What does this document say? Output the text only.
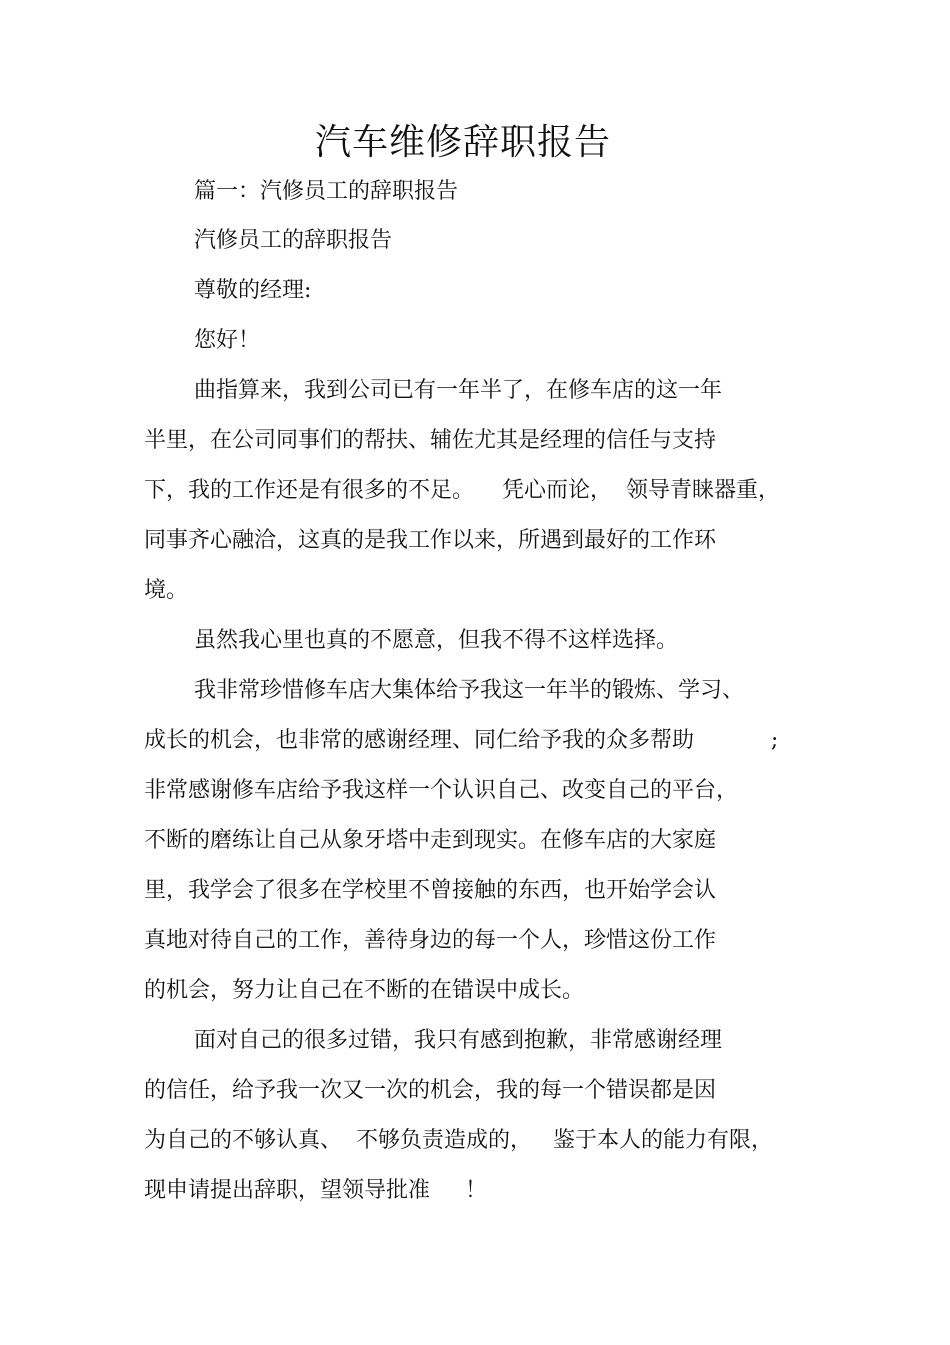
汽车维修辞职报告

篇一：汽修员工的辞职报告

汽修员工的辞职报告

尊敬的经理:

您好！

曲指算来，我到公司已有一年半了，在修车店的这一年

半里，在公司同事们的帮扶、辅佐尤其是经理的信任与支持

下，我的工作还是有很多的不足。    凭心而论，  领导青睐器重，

同事齐心融洽，这真的是我工作以来，所遇到最好的工作环

境。

虽然我心里也真的不愿意，但我不得不这样选择。

我非常珍惜修车店大集体给予我这一年半的锻炼、学习、

成长的机会，也非常的感谢经理、同仁给予我的众多帮助           ;

非常感谢修车店给予我这样一个认识自己、改变自己的平台，

不断的磨练让自己从象牙塔中走到现实。在修车店的大家庭

里，我学会了很多在学校里不曾接触的东西，也开始学会认

真地对待自己的工作，善待身边的每一个人，珍惜这份工作

的机会，努力让自己在不断的在错误中成长。

面对自己的很多过错，我只有感到抱歉，非常感谢经理

的信任，给予我一次又一次的机会，我的每一个错误都是因

为自己的不够认真、  不够负责造成的，   鉴于本人的能力有限，

现申请提出辞职，望领导批准     ！
